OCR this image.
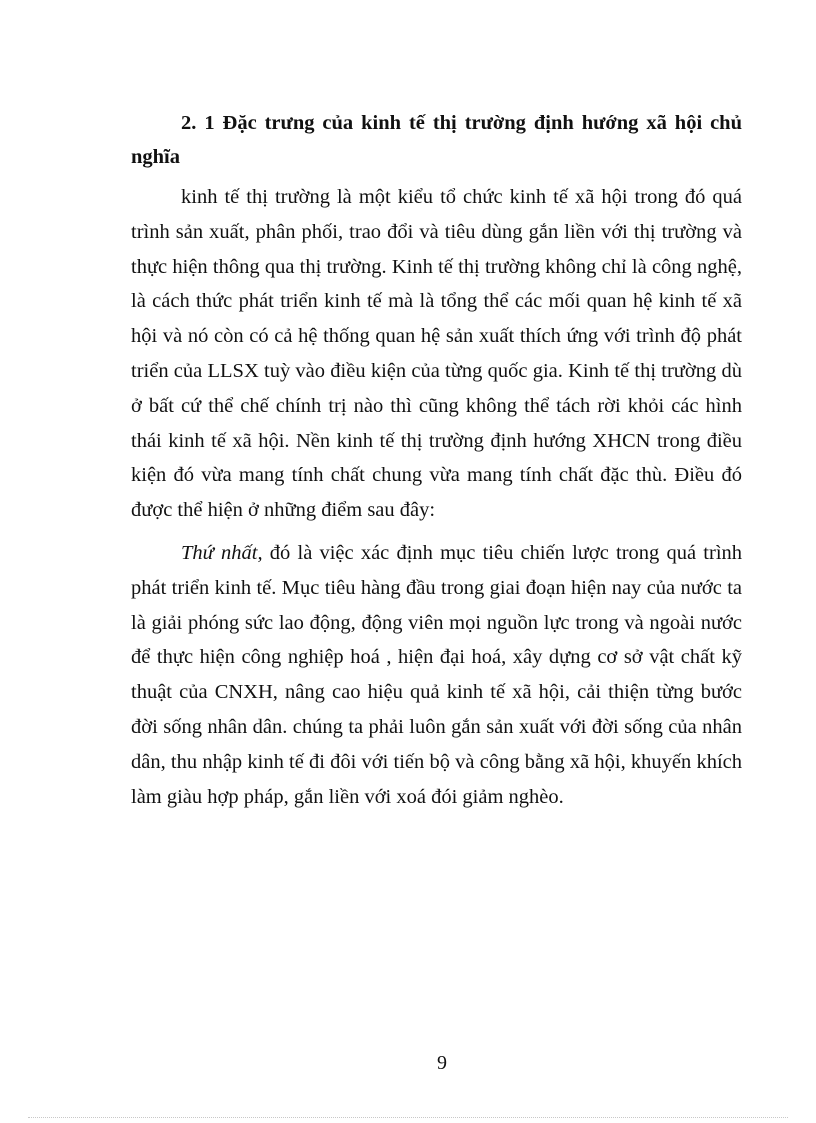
2. 1 Đặc trưng của kinh tế thị trường định hướng xã hội chủ nghĩa

kinh tế thị trường là một kiểu tổ chức kinh tế xã hội trong đó quá trình sản xuất, phân phối, trao đổi và tiêu dùng gắn liền với thị trường và thực hiện thông qua thị trường. Kinh tế thị trường không chỉ là công nghệ, là cách thức phát triển kinh tế mà là tổng thể các mối quan hệ kinh tế xã hội và nó còn có cả hệ thống quan hệ sản xuất thích ứng với trình độ phát triển của LLSX tuỳ vào điều kiện của từng quốc gia. Kinh tế thị trường dù ở bất cứ thể chế chính trị nào thì cũng không thể tách rời khỏi các hình thái kinh tế xã hội. Nền kinh tế thị trường định hướng XHCN trong điều kiện đó vừa mang tính chất chung vừa mang tính chất đặc thù. Điều đó được thể hiện ở những điểm sau đây:

Thứ nhất, đó là việc xác định mục tiêu chiến lược trong quá trình phát triển kinh tế. Mục tiêu hàng đầu trong giai đoạn hiện nay của nước ta là giải phóng sức lao động, động viên mọi nguồn lực trong và ngoài nước để thực hiện công nghiệp hoá , hiện đại hoá, xây dựng cơ sở vật chất kỹ thuật của CNXH, nâng cao hiệu quả kinh tế xã hội, cải thiện từng bước đời sống nhân dân. chúng ta phải luôn gắn sản xuất với đời sống của nhân dân, thu nhập kinh tế đi đôi với tiến bộ và công bằng xã hội, khuyến khích làm giàu hợp pháp, gắn liền với xoá đói giảm nghèo.

9
